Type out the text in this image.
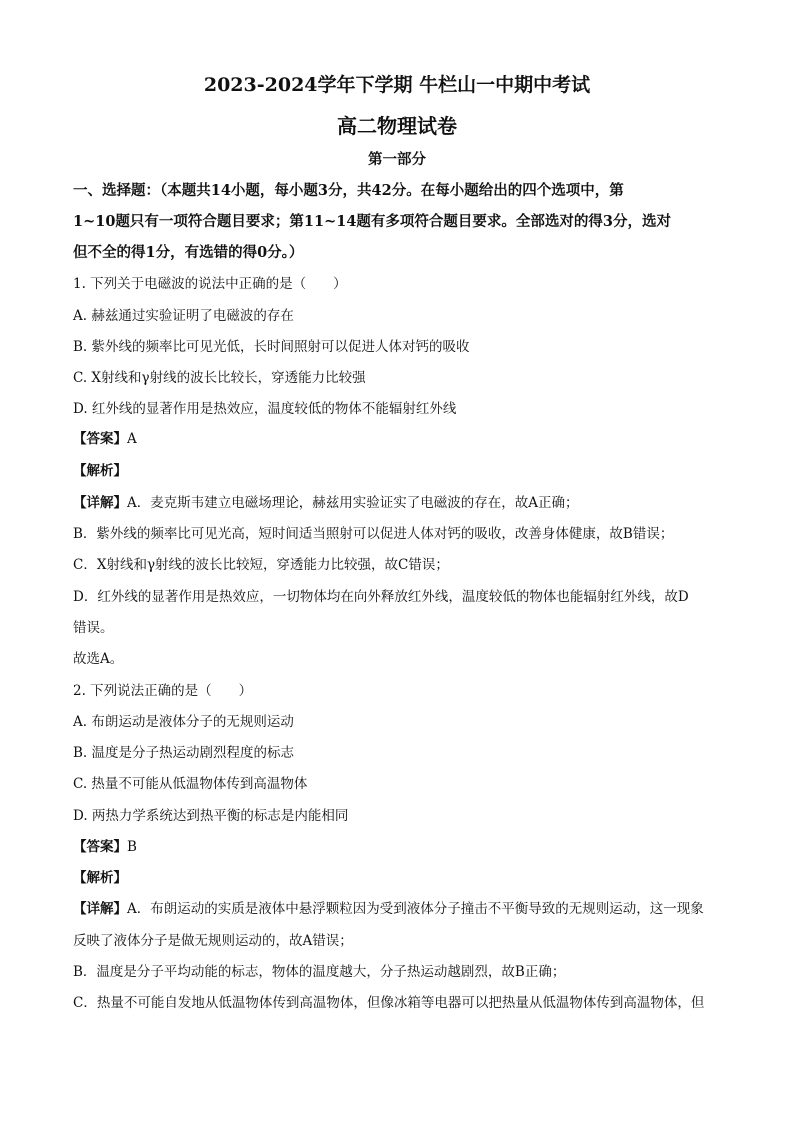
2023-2024学年下学期 牛栏山一中期中考试
高二物理试卷
第一部分
一、选择题：（本题共14小题，每小题3分，共42分。在每小题给出的四个选项中，第
1~10题只有一项符合题目要求；第11~14题有多项符合题目要求。全部选对的得3分，选对
但不全的得1分，有选错的得0分。）
1. 下列关于电磁波的说法中正确的是（　　）
A. 赫兹通过实验证明了电磁波的存在
B. 紫外线的频率比可见光低，长时间照射可以促进人体对钙的吸收
C. X射线和γ射线的波长比较长，穿透能力比较强
D. 红外线的显著作用是热效应，温度较低的物体不能辐射红外线
【答案】A
【解析】
【详解】A．麦克斯韦建立电磁场理论，赫兹用实验证实了电磁波的存在，故A正确；
B．紫外线的频率比可见光高，短时间适当照射可以促进人体对钙的吸收，改善身体健康，故B错误；
C．X射线和γ射线的波长比较短，穿透能力比较强，故C错误；
D．红外线的显著作用是热效应，一切物体均在向外释放红外线，温度较低的物体也能辐射红外线，故D
错误。
故选A。
2. 下列说法正确的是（　　）
A. 布朗运动是液体分子的无规则运动
B. 温度是分子热运动剧烈程度的标志
C. 热量不可能从低温物体传到高温物体
D. 两热力学系统达到热平衡的标志是内能相同
【答案】B
【解析】
【详解】A．布朗运动的实质是液体中悬浮颗粒因为受到液体分子撞击不平衡导致的无规则运动，这一现象
反映了液体分子是做无规则运动的，故A错误；
B．温度是分子平均动能的标志，物体的温度越大，分子热运动越剧烈，故B正确；
C．热量不可能自发地从低温物体传到高温物体，但像冰箱等电器可以把热量从低温物体传到高温物体，但
